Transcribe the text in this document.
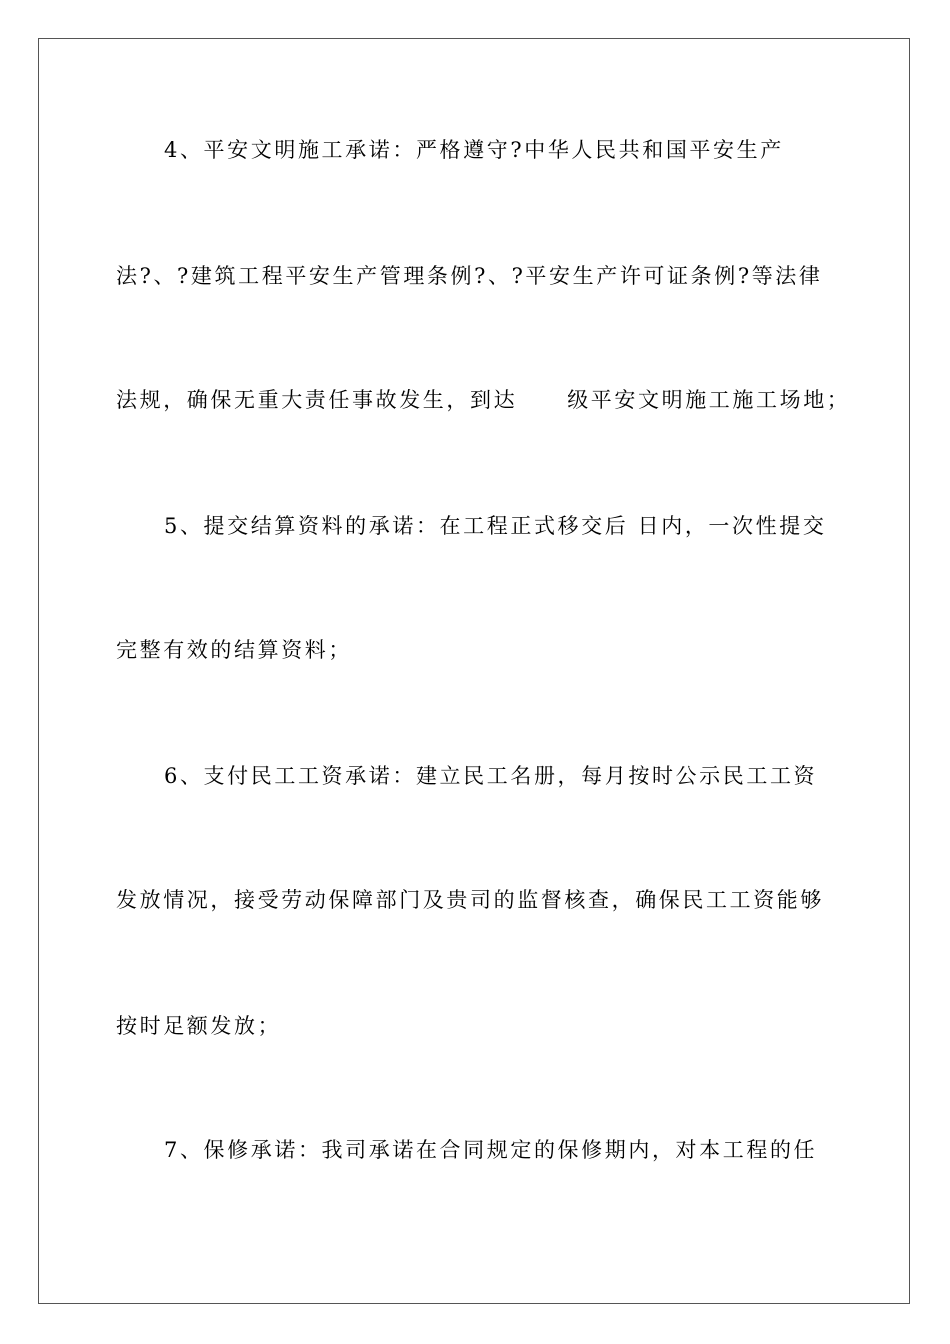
4、平安文明施工承诺：严格遵守?中华人民共和国平安生产
法?、?建筑工程平安生产管理条例?、?平安生产许可证条例?等法律
法规，确保无重大责任事故发生，到达 级平安文明施工施工场地；
5、提交结算资料的承诺：在工程正式移交后 日内，一次性提交
完整有效的结算资料；
6、支付民工工资承诺：建立民工名册，每月按时公示民工工资
发放情况，接受劳动保障部门及贵司的监督核查，确保民工工资能够
按时足额发放；
7、保修承诺：我司承诺在合同规定的保修期内，对本工程的任
